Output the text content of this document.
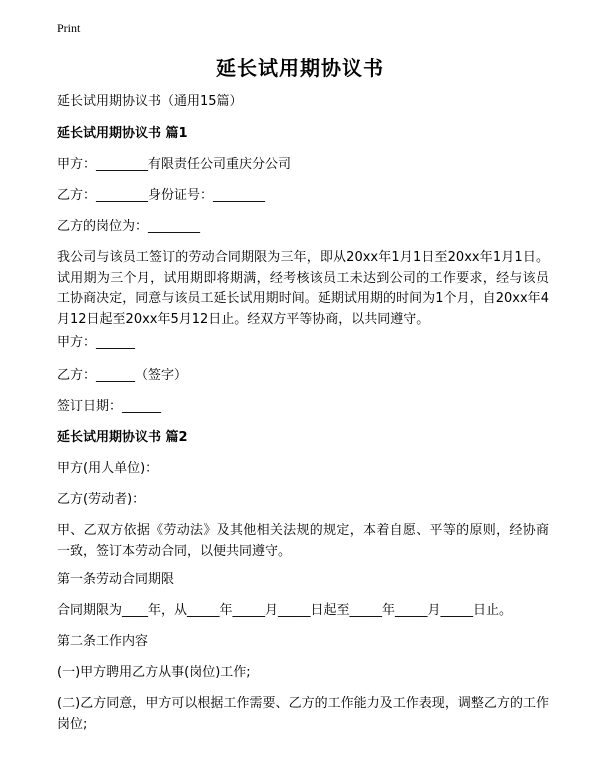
Print
延长试用期协议书
延长试用期协议书（通用15篇）
延长试用期协议书 篇1
甲方：________有限责任公司重庆分公司
乙方：________身份证号：________
乙方的岗位为：________
我公司与该员工签订的劳动合同期限为三年，即从20xx年1月1日至20xx年1月1日。试用期为三个月，试用期即将期满，经考核该员工未达到公司的工作要求，经与该员工协商决定，同意与该员工延长试用期时间。延期试用期的时间为1个月，自20xx年4月12日起至20xx年5月12日止。经双方平等协商，以共同遵守。
甲方：______
乙方：______（签字）
签订日期：______
延长试用期协议书 篇2
甲方(用人单位)：
乙方(劳动者)：
甲、乙双方依据《劳动法》及其他相关法规的规定，本着自愿、平等的原则，经协商一致，签订本劳动合同，以便共同遵守。
第一条劳动合同期限
合同期限为____年，从_____年_____月_____日起至_____年_____月_____日止。
第二条工作内容
(一)甲方聘用乙方从事(岗位)工作;
(二)乙方同意，甲方可以根据工作需要、乙方的工作能力及工作表现，调整乙方的工作岗位;
